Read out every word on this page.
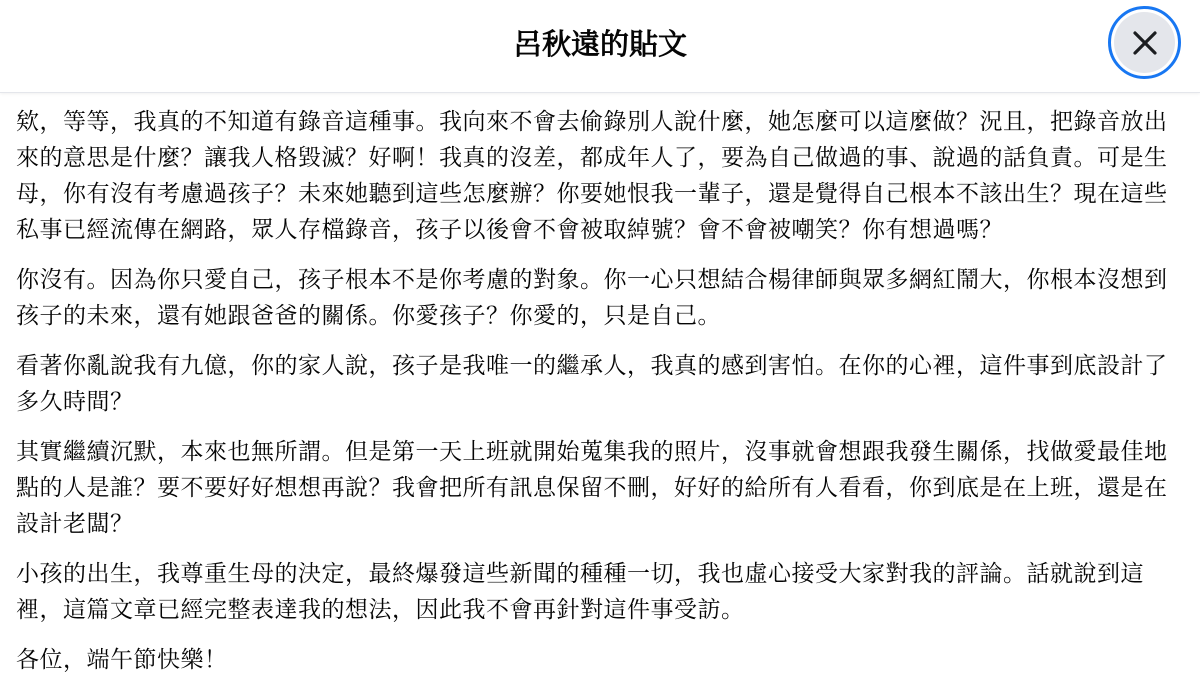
呂秋遠的貼文

欸，等等，我真的不知道有錄音這種事。我向來不會去偷錄別人說什麼，她怎麼可以這麼做？況且，把錄音放出來的意思是什麼？讓我人格毀滅？好啊！我真的沒差，都成年人了，要為自己做過的事、說過的話負責。可是生母，你有沒有考慮過孩子？未來她聽到這些怎麼辦？你要她恨我一輩子，還是覺得自己根本不該出生？現在這些私事已經流傳在網路，眾人存檔錄音，孩子以後會不會被取綽號？會不會被嘲笑？你有想過嗎？

你沒有。因為你只愛自己，孩子根本不是你考慮的對象。你一心只想結合楊律師與眾多網紅鬧大，你根本沒想到孩子的未來，還有她跟爸爸的關係。你愛孩子？你愛的，只是自己。

看著你亂說我有九億，你的家人說，孩子是我唯一的繼承人，我真的感到害怕。在你的心裡，這件事到底設計了多久時間？

其實繼續沉默，本來也無所謂。但是第一天上班就開始蒐集我的照片，沒事就會想跟我發生關係，找做愛最佳地點的人是誰？要不要好好想想再說？我會把所有訊息保留不刪，好好的給所有人看看，你到底是在上班，還是在設計老闆？

小孩的出生，我尊重生母的決定，最終爆發這些新聞的種種一切，我也虛心接受大家對我的評論。話就說到這裡，這篇文章已經完整表達我的想法，因此我不會再針對這件事受訪。

各位，端午節快樂！
